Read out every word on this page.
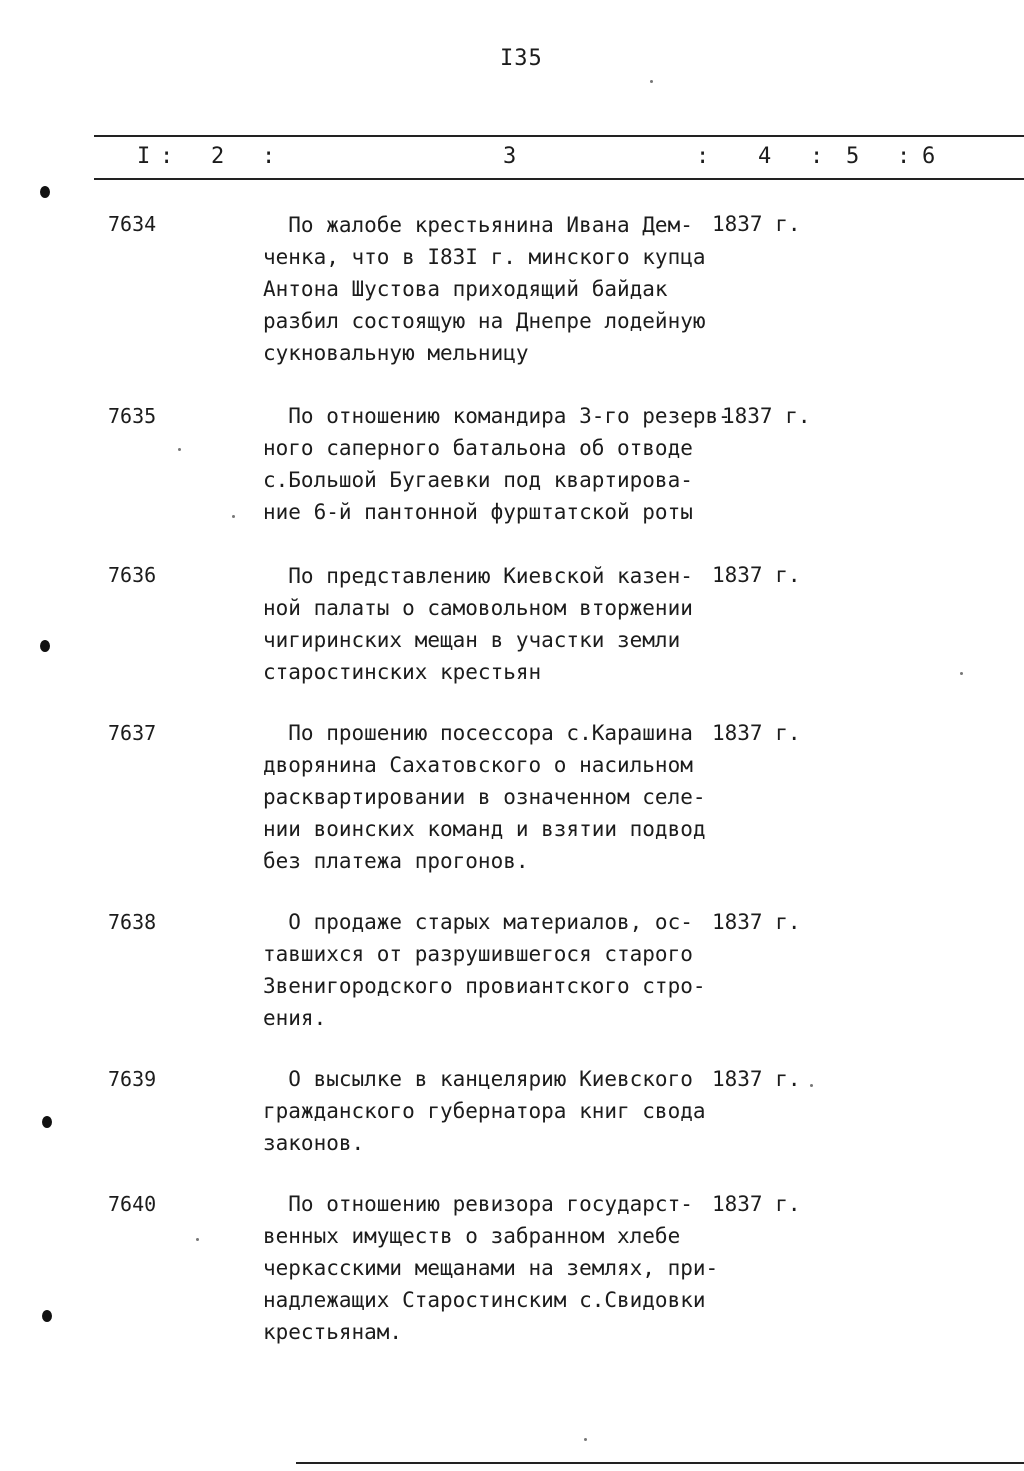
I35
I : 2 :	3	: 4 : 5 : 6
7634	По жалобе крестьянина Ивана Дем-
ченка, что в I83I г. минского купца
Антона Шустова приходящий байдак
разбил состоящую на Днепре лодейную
сукновальную мельницу
1837 г.
7635	По отношению командира 3-го резерв-
ного саперного батальона об отводе
с.Большой Бугаевки под квартирова-
ние 6-й пантонной фурштатской роты
1837 г.
7636	По представлению Киевской казен-
ной палаты о самовольном вторжении
чигиринских мещан в участки земли
старостинских крестьян
1837 г.
7637	По прошению посессора с.Карашина
дворянина Сахатовского о насильном
расквартировании в означенном селе-
нии воинских команд и взятии подвод
без платежа прогонов.
1837 г.
7638	О продаже старых материалов, ос-
тавшихся от разрушившегося старого
Звенигородского провиантского стро-
ения.
1837 г.
7639	О высылке в канцелярию Киевского
гражданского губернатора книг свода
законов.
1837 г.
7640	По отношению ревизора государст-
венных имуществ о забранном хлебе
черкасскими мещанами на землях, при-
надлежащих Старостинским с.Свидовки
крестьянам.
1837 г.
